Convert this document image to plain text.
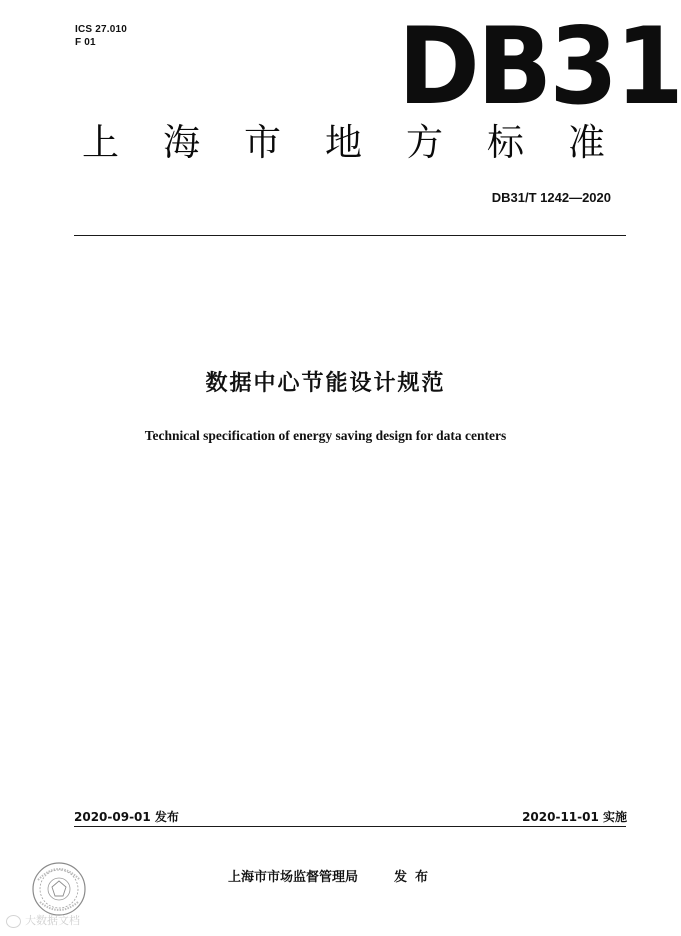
ICS 27.010
F 01	DB31
上海市地方标准
DB31/T 1242—2020
数据中心节能设计规范
Technical specification of energy saving design for data centers
2020-09-01 发布	2020-11-01 实施
上海市市场监督管理局	发布
大数据文档
